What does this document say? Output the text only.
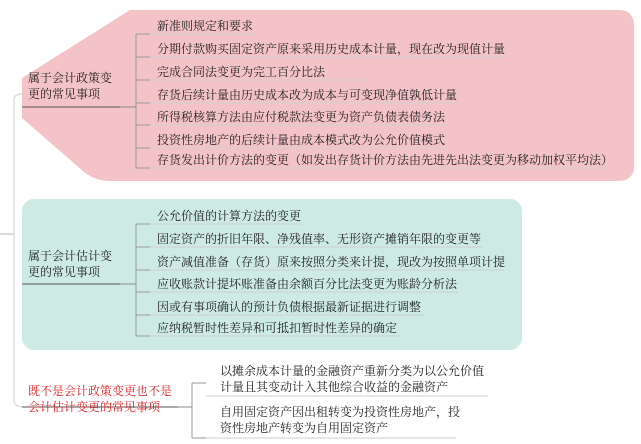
属于会计政策变更的常见事项
新准则规定和要求
分期付款购买固定资产原来采用历史成本计量，现在改为现值计量
完成合同法变更为完工百分比法
存货后续计量由历史成本改为成本与可变现净值孰低计量
所得税核算方法由应付税款法变更为资产负债表债务法
投资性房地产的后续计量由成本模式改为公允价值模式
存货发出计价方法的变更（如发出存货计价方法由先进先出法变更为移动加权平均法）
属于会计估计变更的常见事项
公允价值的计算方法的变更
固定资产的折旧年限、净残值率、无形资产摊销年限的变更等
资产减值准备（存货）原来按照分类来计提，现改为按照单项计提
应收账款计提坏账准备由余额百分比法变更为账龄分析法
因或有事项确认的预计负债根据最新证据进行调整
应纳税暂时性差异和可抵扣暂时性差异的确定
既不是会计政策变更也不是会计估计变更的常见事项
以摊余成本计量的金融资产重新分类为以公允价值计量且其变动计入其他综合收益的金融资产
自用固定资产因出租转变为投资性房地产，投资性房地产转变为自用固定资产
